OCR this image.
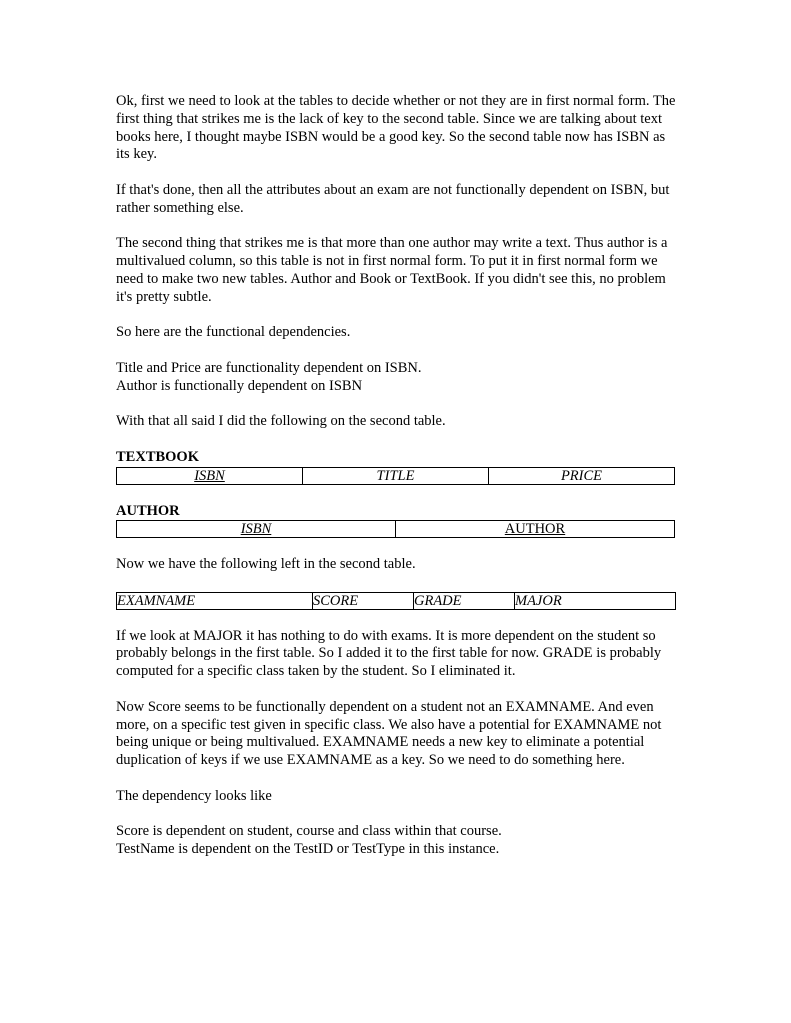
Ok, first we need to look at the tables to decide whether or not they are in first normal form. The first thing that strikes me is the lack of key to the second table. Since we are talking about text books here, I thought maybe ISBN would be a good key. So the second table now has ISBN as its key.

If that's done, then all the attributes about an exam are not functionally dependent on ISBN, but rather something else.

The second thing that strikes me is that more than one author may write a text. Thus author is a multivalued column, so this table is not in first normal form. To put it in first normal form we need to make two new tables. Author and Book or TextBook. If you didn't see this, no problem it's pretty subtle.

So here are the functional dependencies.

Title and Price are functionality dependent on ISBN.

Author is functionally dependent on ISBN

With that all said I did the following on the second table.

TEXTBOOK
ISBN	TITLE	PRICE
AUTHOR
ISBN	AUTHOR

Now we have the following left in the second table.

EXAMNAME	SCORE	GRADE	MAJOR

If we look at MAJOR it has nothing to do with exams. It is more dependent on the student so probably belongs in the first table. So I added it to the first table for now. GRADE is probably computed for a specific class taken by the student. So I eliminated it.

Now Score seems to be functionally dependent on a student not an EXAMNAME. And even more, on a specific test given in specific class. We also have a potential for EXAMNAME not being unique or being multivalued. EXAMNAME needs a new key to eliminate a potential duplication of keys if we use EXAMNAME as a key. So we need to do something here.

The dependency looks like

Score is dependent on student, course and class within that course.

TestName is dependent on the TestID or TestType in this instance.
